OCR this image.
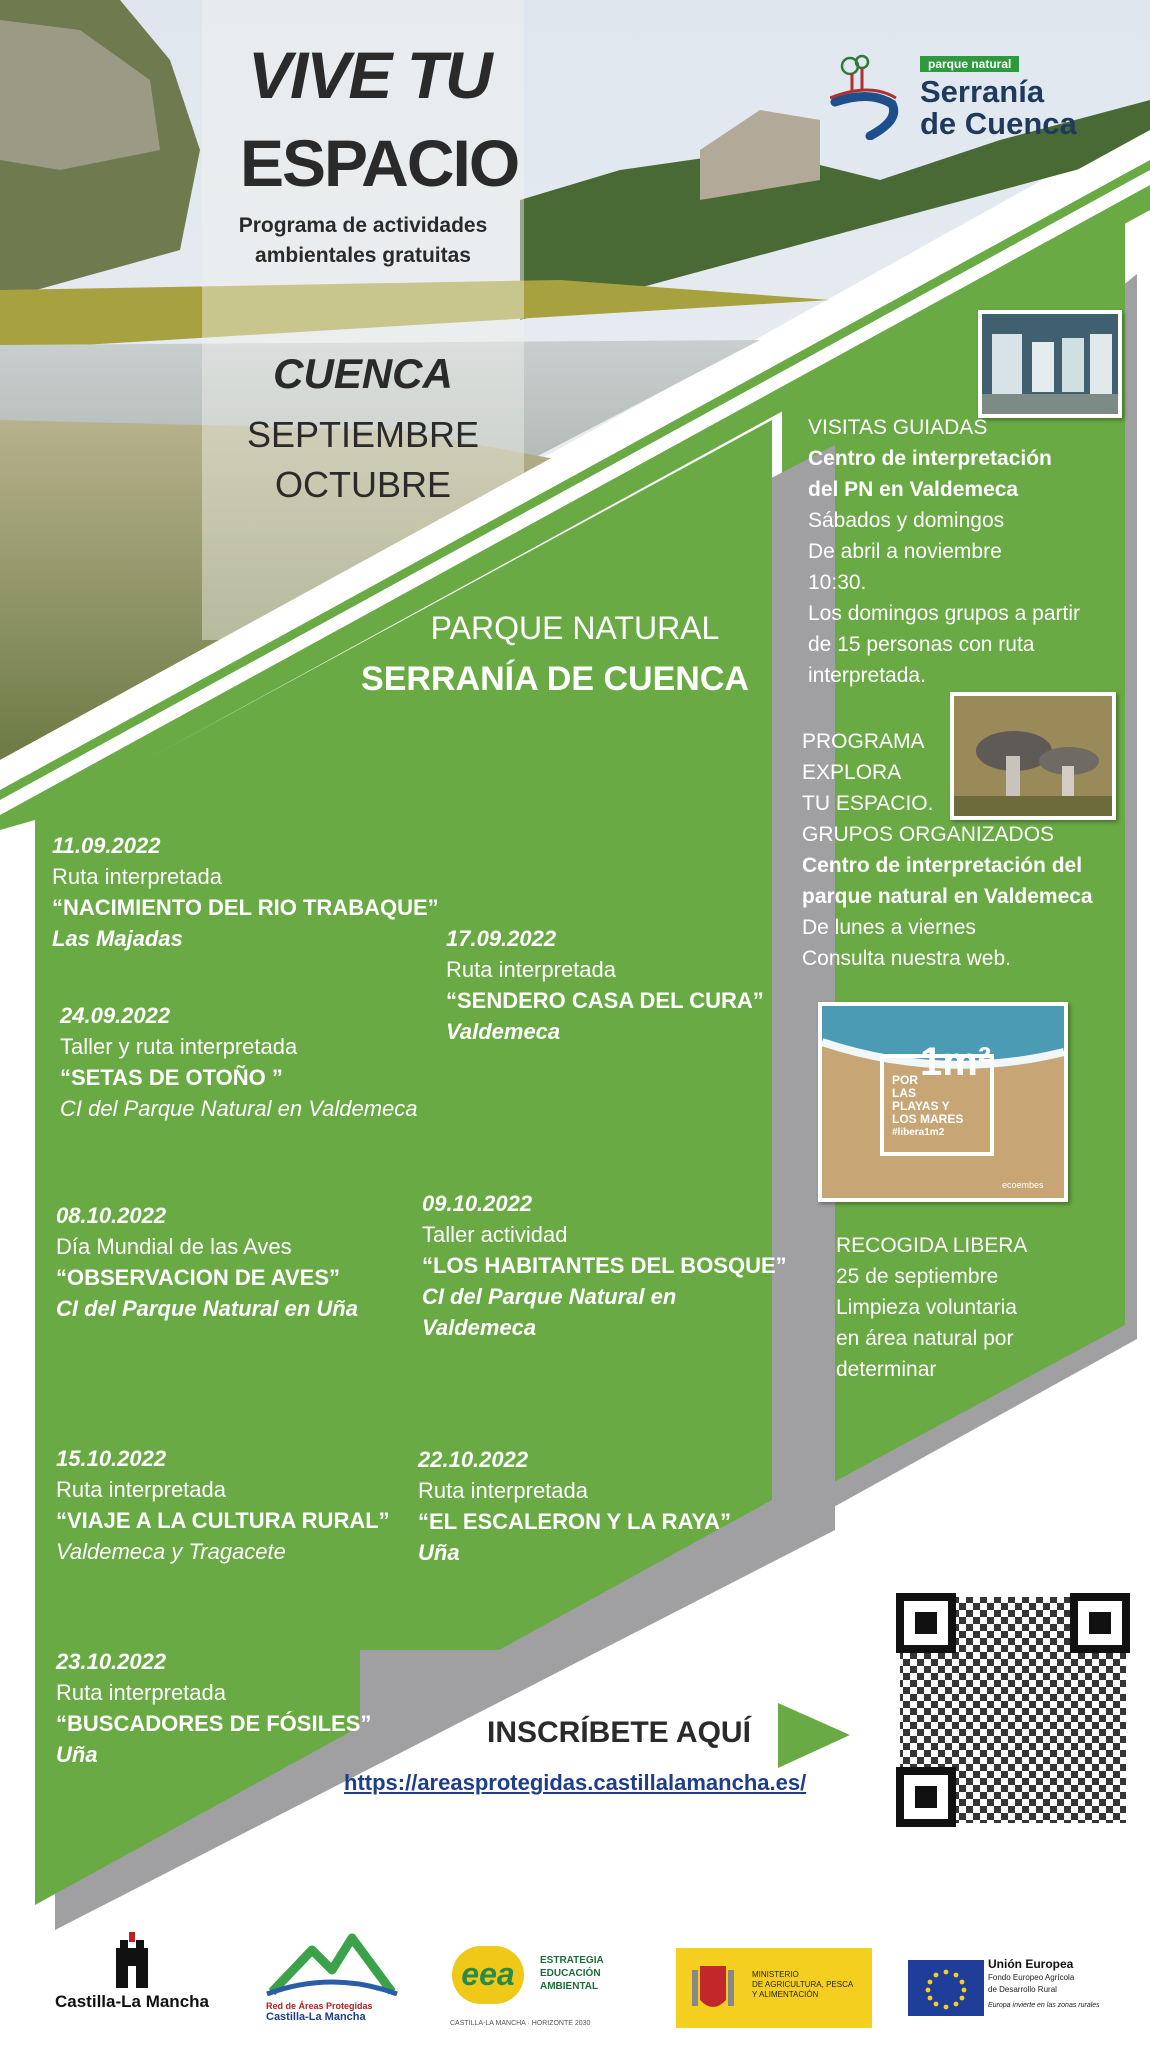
VIVE TU
ESPACIO
Programa de actividades
ambientales gratuitas
CUENCA
SEPTIEMBRE
OCTUBRE
parque natural
Serranía
de Cuenca
PARQUE NATURAL
SERRANÍA DE CUENCA
11.09.2022
Ruta interpretada
“NACIMIENTO DEL RIO TRABAQUE”
Las Majadas	17.09.2022
Ruta interpretada
“SENDERO CASA DEL CURA”
Valdemeca
24.09.2022
Taller y ruta interpretada
“SETAS DE OTOÑO ”
CI del Parque Natural en Valdemeca
08.10.2022
Día Mundial de las Aves
“OBSERVACION DE AVES”
CI del Parque Natural en Uña
09.10.2022
Taller actividad
“LOS HABITANTES DEL BOSQUE”
CI del Parque Natural en
Valdemeca
15.10.2022
Ruta interpretada
“VIAJE A LA CULTURA RURAL”
Valdemeca y Tragacete
22.10.2022
Ruta interpretada
“EL ESCALERON Y LA RAYA”
Uña
23.10.2022
Ruta interpretada
“BUSCADORES DE FÓSILES”
Uña
VISITAS GUIADAS
Centro de interpretación
del PN en Valdemeca
Sábados y domingos
De abril a noviembre
10:30.
Los domingos grupos a partir
de 15 personas con ruta
interpretada.
PROGRAMA
EXPLORA
TU ESPACIO.
GRUPOS ORGANIZADOS
Centro de interpretación del
parque natural en Valdemeca
De lunes a viernes
Consulta nuestra web.
1m²
POR
LAS
PLAYAS Y
LOS MARES
#libera1m2
ecoembes
RECOGIDA LIBERA
25 de septiembre
Limpieza voluntaria
en área natural por
determinar
INSCRÍBETE AQUÍ
https://areasprotegidas.castillalamancha.es/
Castilla-La Mancha	Red de Áreas Protegidas
Castilla-La Mancha
eea	ESTRATEGIA
EDUCACIÓN
AMBIENTAL
CASTILLA-LA MANCHA · HORIZONTE 2030
MINISTERIO
DE AGRICULTURA, PESCA
Y ALIMENTACIÓN
Unión Europea
Fondo Europeo Agrícola
de Desarrollo Rural
Europa invierte en las zonas rurales
